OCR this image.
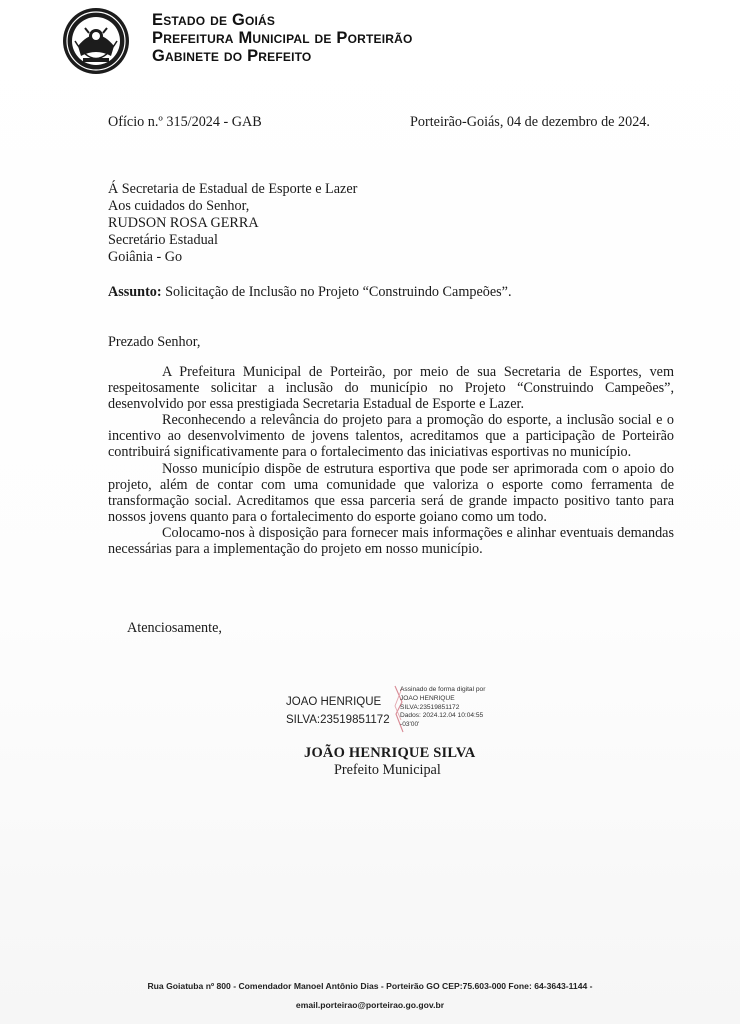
Estado de Goiás
Prefeitura Municipal de Porteirão
Gabinete do Prefeito
Ofício n.º 315/2024 - GAB	Porteirão-Goiás, 04 de dezembro de 2024.
Á Secretaria de Estadual de Esporte e Lazer
Aos cuidados do Senhor,
RUDSON ROSA GERRA
Secretário Estadual
Goiânia - Go
Assunto: Solicitação de Inclusão no Projeto “Construindo Campeões”.
Prezado Senhor,

A Prefeitura Municipal de Porteirão, por meio de sua Secretaria de Esportes, vem respeitosamente solicitar a inclusão do município no Projeto “Construindo Campeões”, desenvolvido por essa prestigiada Secretaria Estadual de Esporte e Lazer.

Reconhecendo a relevância do projeto para a promoção do esporte, a inclusão social e o incentivo ao desenvolvimento de jovens talentos, acreditamos que a participação de Porteirão contribuirá significativamente para o fortalecimento das iniciativas esportivas no município.

Nosso município dispõe de estrutura esportiva que pode ser aprimorada com o apoio do projeto, além de contar com uma comunidade que valoriza o esporte como ferramenta de transformação social. Acreditamos que essa parceria será de grande impacto positivo tanto para nossos jovens quanto para o fortalecimento do esporte goiano como um todo.

Colocamo-nos à disposição para fornecer mais informações e alinhar eventuais demandas necessárias para a implementação do projeto em nosso município.

Atenciosamente,
JOAO HENRIQUE
SILVA:23519851172
Assinado de forma digital por
JOAO HENRIQUE
SILVA:23519851172
Dados: 2024.12.04 10:04:55
-03'00'
JOÃO HENRIQUE SILVA
Prefeito Municipal
Rua Goiatuba nº 800 - Comendador Manoel Antônio Dias - Porteirão GO CEP:75.603-000 Fone: 64-3643-1144 -
email.porteirao@porteirao.go.gov.br
